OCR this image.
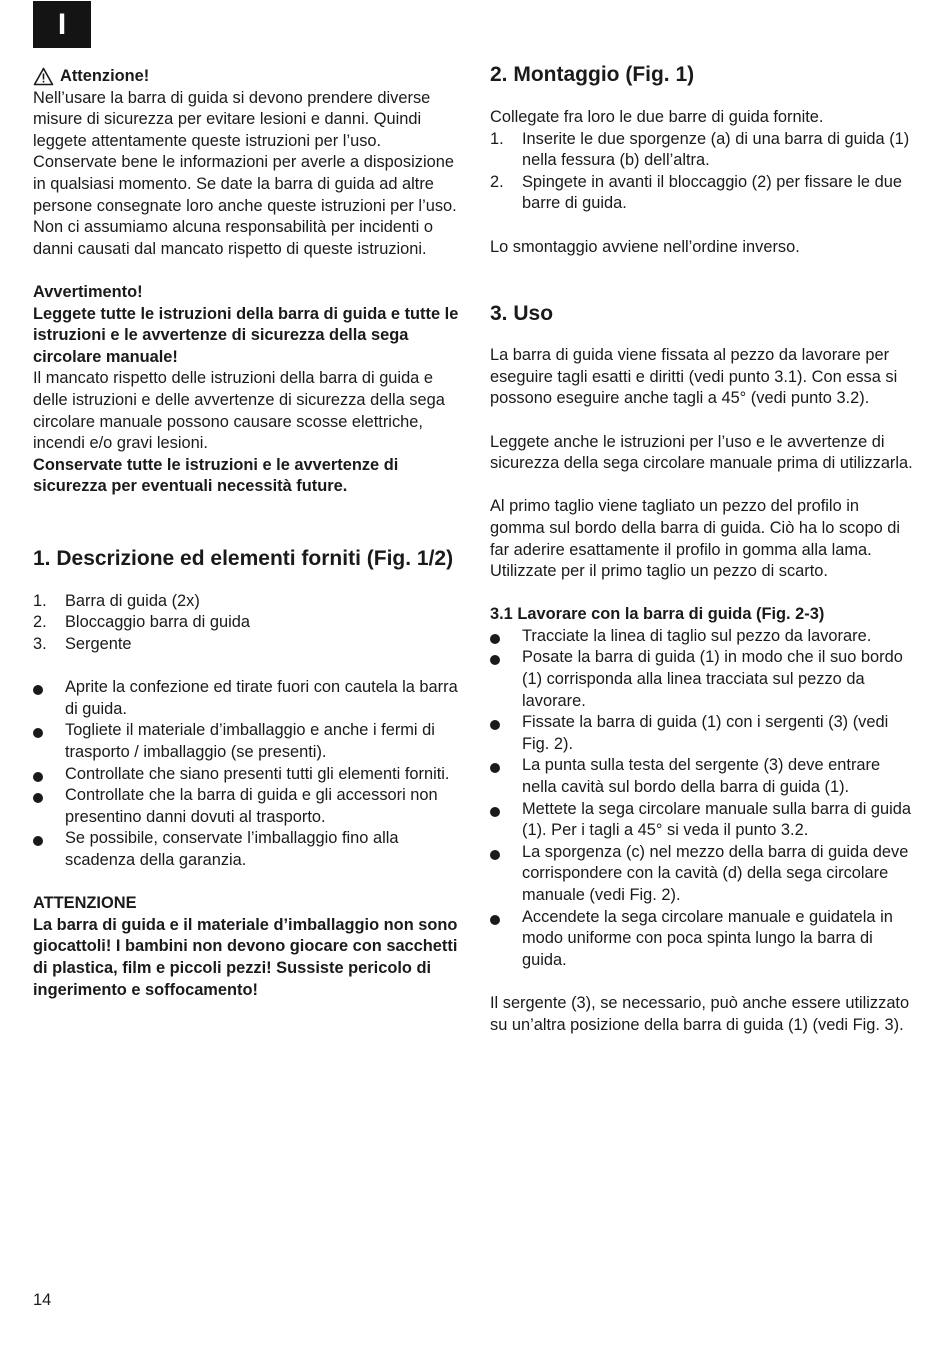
I
Attenzione!

Nell’usare la barra di guida si devono prendere diverse misure di sicurezza per evitare lesioni e danni. Quindi leggete attentamente queste istruzioni per l’uso. Conservate bene le informazioni per averle a disposizione in qualsiasi momento. Se date la barra di guida ad altre persone consegnate loro anche queste istruzioni per l’uso. Non ci assumiamo alcuna responsabilità per incidenti o danni causati dal mancato rispetto di queste istruzioni.

Avvertimento!

Leggete tutte le istruzioni della barra di guida e tutte le istruzioni e le avvertenze di sicurezza della sega circolare manuale!

Il mancato rispetto delle istruzioni della barra di guida e delle istruzioni e delle avvertenze di sicurezza della sega circolare manuale possono causare scosse elettriche, incendi e/o gravi lesioni.

Conservate tutte le istruzioni e le avvertenze di sicurezza per eventuali necessità future.

1. Descrizione ed elementi forniti (Fig. 1/2)
1. Barra di guida (2x)
2. Bloccaggio barra di guida
3. Sergente
Aprite la confezione ed tirate fuori con cautela la barra di guida.
Togliete il materiale d’imballaggio e anche i fermi di trasporto / imballaggio (se presenti).
Controllate che siano presenti tutti gli elementi forniti.
Controllate che la barra di guida e gli accessori non presentino danni dovuti al trasporto.
Se possibile, conservate l’imballaggio fino alla scadenza della garanzia.

ATTENZIONE

La barra di guida e il materiale d’imballaggio non sono giocattoli! I bambini non devono giocare con sacchetti di plastica, film e piccoli pezzi! Sussiste pericolo di ingerimento e soffocamento!

2. Montaggio (Fig. 1)

Collegate fra loro le due barre di guida fornite.

1. Inserite le due sporgenze (a) di una barra di guida (1) nella fessura (b) dell’altra.
2. Spingete in avanti il bloccaggio (2) per fissare le due barre di guida.

Lo smontaggio avviene nell’ordine inverso.

3. Uso

La barra di guida viene fissata al pezzo da lavorare per eseguire tagli esatti e diritti (vedi punto 3.1). Con essa si possono eseguire anche tagli a 45° (vedi punto 3.2).

Leggete anche le istruzioni per l’uso e le avvertenze di sicurezza della sega circolare manuale prima di utilizzarla.

Al primo taglio viene tagliato un pezzo del profilo in gomma sul bordo della barra di guida. Ciò ha lo scopo di far aderire esattamente il profilo in gomma alla lama. Utilizzate per il primo taglio un pezzo di scarto.

3.1 Lavorare con la barra di guida (Fig. 2-3)
Tracciate la linea di taglio sul pezzo da lavorare.
Posate la barra di guida (1) in modo che il suo bordo (1) corrisponda alla linea tracciata sul pezzo da lavorare.
Fissate la barra di guida (1) con i sergenti (3) (vedi Fig. 2).
La punta sulla testa del sergente (3) deve entrare nella cavità sul bordo della barra di guida (1).
Mettete la sega circolare manuale sulla barra di guida (1). Per i tagli a 45° si veda il punto 3.2.
La sporgenza (c) nel mezzo della barra di guida deve corrispondere con la cavità (d) della sega circolare manuale (vedi Fig. 2).
Accendete la sega circolare manuale e guidatela in modo uniforme con poca spinta lungo la barra di guida.

Il sergente (3), se necessario, può anche essere utilizzato su un’altra posizione della barra di guida (1) (vedi Fig. 3).

14
